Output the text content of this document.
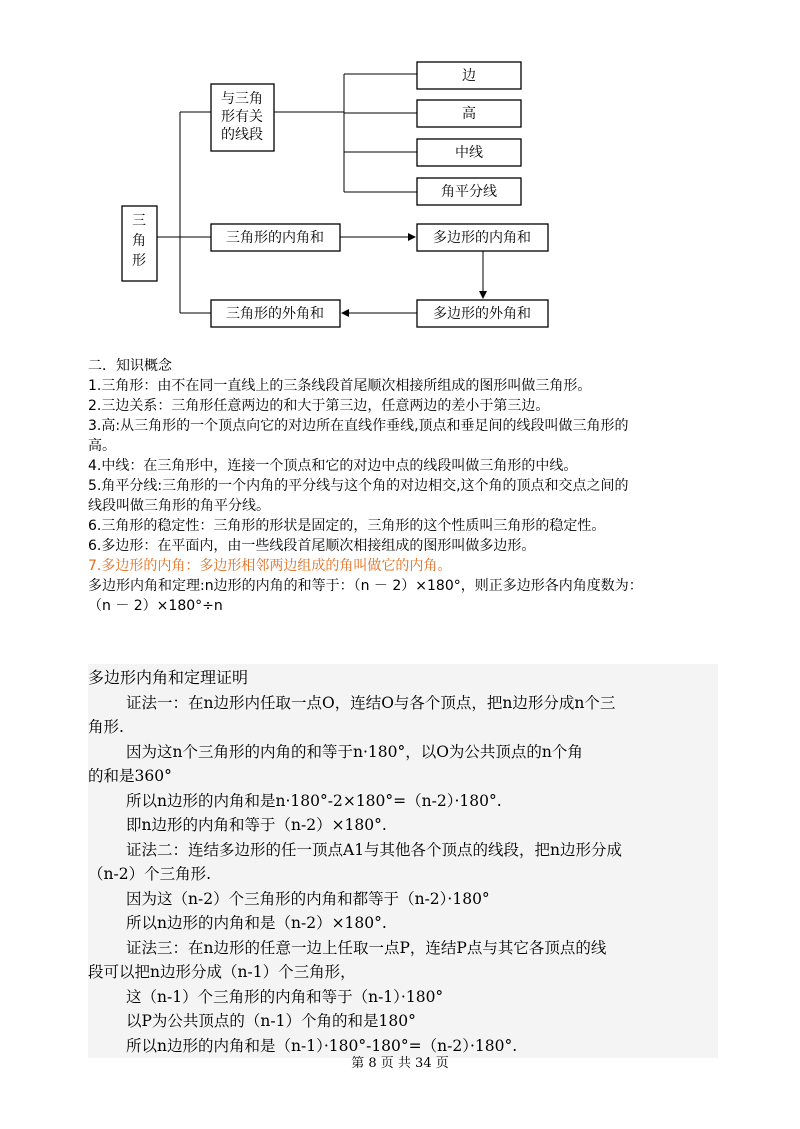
三
角
形
与三角
形有关
的线段
边
高
中线
角平分线
三角形的内角和	多边形的内角和
三角形的外角和	多边形的外角和
二．知识概念
1.三角形：由不在同一直线上的三条线段首尾顺次相接所组成的图形叫做三角形。
2.三边关系：三角形任意两边的和大于第三边，任意两边的差小于第三边。
3.高:从三角形的一个顶点向它的对边所在直线作垂线,顶点和垂足间的线段叫做三角形的
高。
4.中线：在三角形中，连接一个顶点和它的对边中点的线段叫做三角形的中线。
5.角平分线:三角形的一个内角的平分线与这个角的对边相交,这个角的顶点和交点之间的
线段叫做三角形的角平分线。
6.三角形的稳定性：三角形的形状是固定的，三角形的这个性质叫三角形的稳定性。
6.多边形：在平面内，由一些线段首尾顺次相接组成的图形叫做多边形。
7.多边形的内角：多边形相邻两边组成的角叫做它的内角。
多边形内角和定理:n边形的内角的和等于：（n － 2）×180°，则正多边形各内角度数为：
（n － 2）×180°÷n
多边形内角和定理证明
证法一：在n边形内任取一点O，连结O与各个顶点，把n边形分成n个三
角形.
因为这n个三角形的内角的和等于n·180°，以O为公共顶点的n个角
的和是360°
所以n边形的内角和是n·180°-2×180°=（n-2）·180°.
即n边形的内角和等于（n-2）×180°.
证法二：连结多边形的任一顶点A1与其他各个顶点的线段，把n边形分成
（n-2）个三角形.
因为这（n-2）个三角形的内角和都等于（n-2）·180°
所以n边形的内角和是（n-2）×180°.
证法三：在n边形的任意一边上任取一点P，连结P点与其它各顶点的线
段可以把n边形分成（n-1）个三角形，
这（n-1）个三角形的内角和等于（n-1）·180°
以P为公共顶点的（n-1）个角的和是180°
所以n边形的内角和是（n-1）·180°-180°=（n-2）·180°.
第 8 页 共 34 页
